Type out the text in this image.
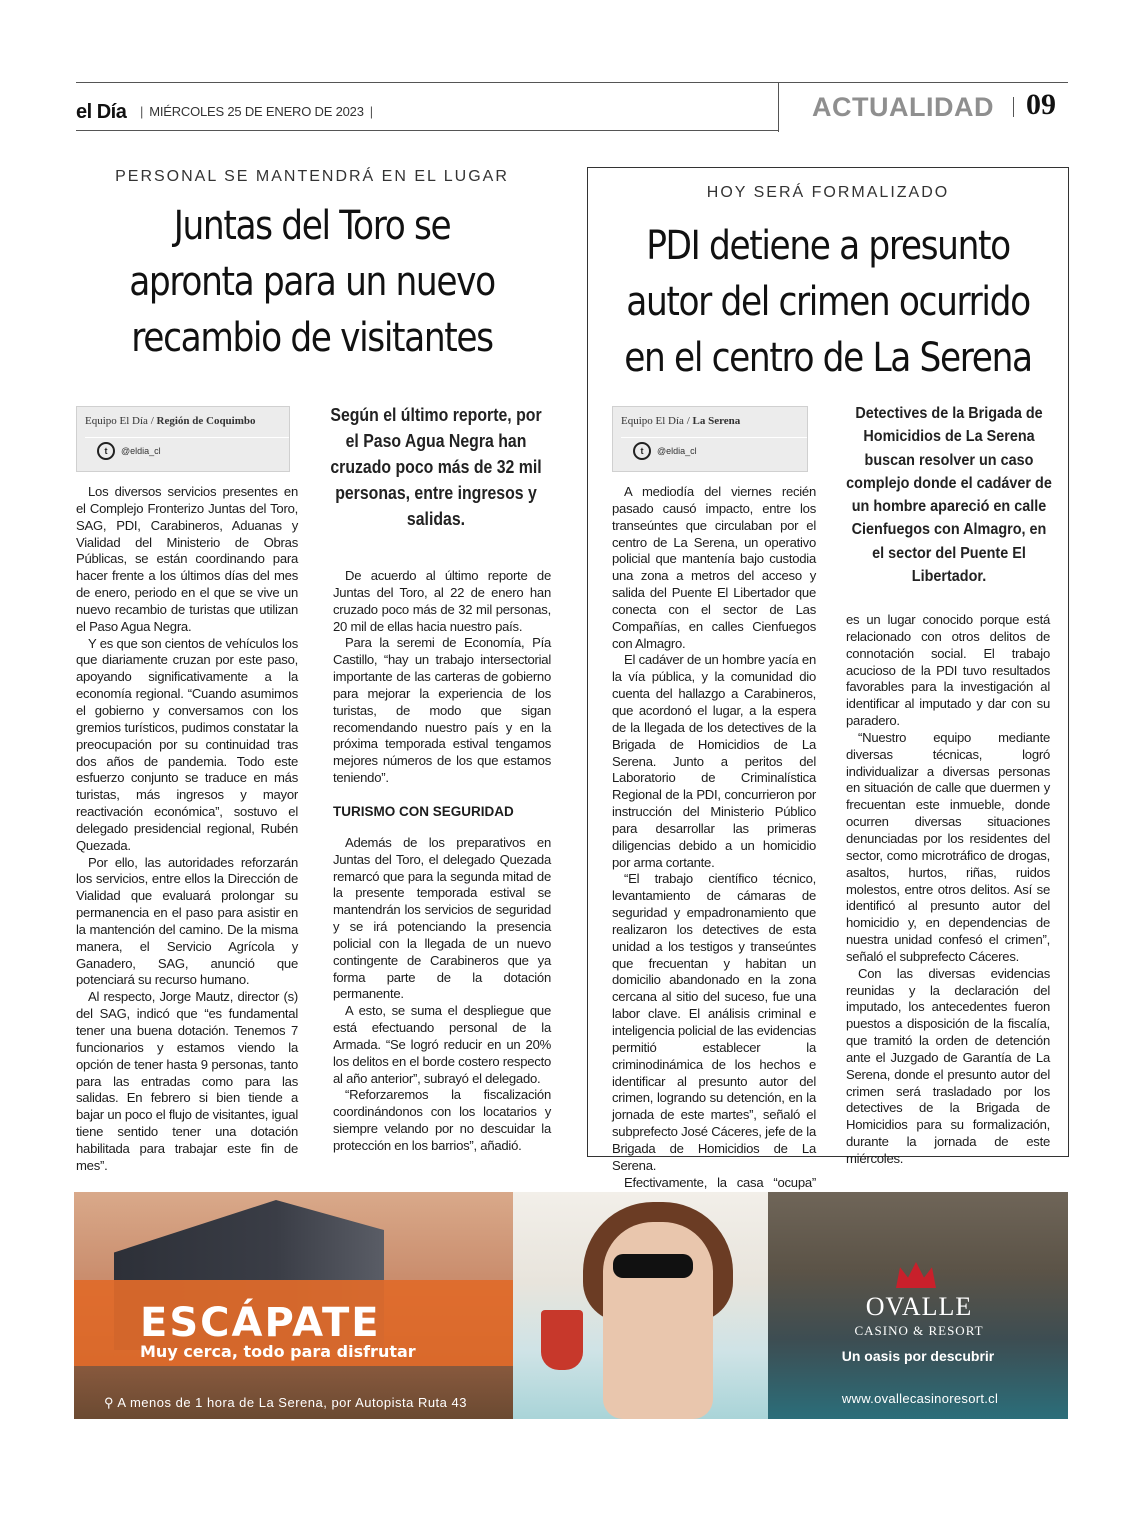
el Día	| MIÉRCOLES 25 DE ENERO DE 2023 |	ACTUALIDAD 09
PERSONAL SE MANTENDRÁ EN EL LUGAR
Juntas del Toro se
apronta para un nuevo
recambio de visitantes
Equipo El Día / Región de Coquimbo
t	@eldia_cl
Según el último reporte, por el Paso Agua Negra han cruzado poco más de 32 mil personas, entre ingresos y salidas.

Los diversos servicios presentes en el Complejo Fronterizo Juntas del Toro, SAG, PDI, Carabineros, Aduanas y Vialidad del Ministerio de Obras Públicas, se están coordinando para hacer frente a los últimos días del mes de enero, periodo en el que se vive un nuevo recambio de turistas que utilizan el Paso Agua Negra.

Y es que son cientos de vehículos los que diariamente cruzan por este paso, apoyando significativamente a la economía regional. “Cuando asumimos el gobierno y conversamos con los gremios turísticos, pudimos constatar la preocupación por su continuidad tras dos años de pandemia. Todo este esfuerzo conjunto se traduce en más turistas, más ingresos y mayor reactivación económica”, sostuvo el delegado presidencial regional, Rubén Quezada.

Por ello, las autoridades reforzarán los servicios, entre ellos la Dirección de Vialidad que evaluará prolongar su permanencia en el paso para asistir en la mantención del camino. De la misma manera, el Servicio Agrícola y Ganadero, SAG, anunció que potenciará su recurso humano.

Al respecto, Jorge Mautz, director (s) del SAG, indicó que “es fundamental tener una buena dotación. Tenemos 7 funcionarios y estamos viendo la opción de tener hasta 9 personas, tanto para las entradas como para las salidas. En febrero si bien tiende a bajar un poco el flujo de visitantes, igual tiene sentido tener una dotación habilitada para trabajar este fin de mes”.

De acuerdo al último reporte de Juntas del Toro, al 22 de enero han cruzado poco más de 32 mil personas, 20 mil de ellas hacia nuestro país.

Para la seremi de Economía, Pía Castillo, “hay un trabajo intersectorial importante de las carteras de gobierno para mejorar la experiencia de los turistas, de modo que sigan recomendando nuestro país y en la próxima temporada estival tengamos mejores números de los que estamos teniendo”.

TURISMO CON SEGURIDAD

Además de los preparativos en Juntas del Toro, el delegado Quezada remarcó que para la segunda mitad de la presente temporada estival se mantendrán los servicios de seguridad y se irá potenciando la presencia policial con la llegada de un nuevo contingente de Carabineros que ya forma parte de la dotación permanente.

A esto, se suma el despliegue que está efectuando personal de la Armada. “Se logró reducir en un 20% los delitos en el borde costero respecto al año anterior”, subrayó el delegado.

“Reforzaremos la fiscalización coordinándonos con los locatarios y siempre velando por no descuidar la protección en los barrios”, añadió.

HOY SERÁ FORMALIZADO
PDI detiene a presunto
autor del crimen ocurrido
en el centro de La Serena
Equipo El Día / La Serena
t	@eldia_cl
Detectives de la Brigada de Homicidios de La Serena buscan resolver un caso complejo donde el cadáver de un hombre apareció en calle Cienfuegos con Almagro, en el sector del Puente El Libertador.

A mediodía del viernes recién pasado causó impacto, entre los transeúntes que circulaban por el centro de La Serena, un operativo policial que mantenía bajo custodia una zona a metros del acceso y salida del Puente El Libertador que conecta con el sector de Las Compañías, en calles Cienfuegos con Almagro.

El cadáver de un hombre yacía en la vía pública, y la comunidad dio cuenta del hallazgo a Carabineros, que acordonó el lugar, a la espera de la llegada de los detectives de la Brigada de Homicidios de La Serena. Junto a peritos del Laboratorio de Criminalística Regional de la PDI, concurrieron por instrucción del Ministerio Público para desarrollar las primeras diligencias debido a un homicidio por arma cortante.

“El trabajo científico técnico, levantamiento de cámaras de seguridad y empadronamiento que realizaron los detectives de esta unidad a los testigos y transeúntes que frecuentan y habitan un domicilio abandonado en la zona cercana al sitio del suceso, fue una labor clave. El análisis criminal e inteligencia policial de las evidencias permitió establecer la criminodinámica de los hechos e identificar al presunto autor del crimen, logrando su detención, en la jornada de este martes”, señaló el subprefecto José Cáceres, jefe de la Brigada de Homicidios de La Serena.

Efectivamente, la casa “ocupa”

es un lugar conocido porque está relacionado con otros delitos de connotación social. El trabajo acucioso de la PDI tuvo resultados favorables para la investigación al identificar al imputado y dar con su paradero.

“Nuestro equipo mediante diversas técnicas, logró individualizar a diversas personas en situación de calle que duermen y frecuentan este inmueble, donde ocurren diversas situaciones denunciadas por los residentes del sector, como microtráfico de drogas, asaltos, hurtos, riñas, ruidos molestos, entre otros delitos. Así se identificó al presunto autor del homicidio y, en dependencias de nuestra unidad confesó el crimen”, señaló el subprefecto Cáceres.

Con las diversas evidencias reunidas y la declaración del imputado, los antecedentes fueron puestos a disposición de la fiscalía, que tramitó la orden de detención ante el Juzgado de Garantía de La Serena, donde el presunto autor del crimen será trasladado por los detectives de la Brigada de Homicidios para su formalización, durante la jornada de este miércoles.

ESCÁPATE
Muy cerca, todo para disfrutar
⚲ A menos de 1 hora de La Serena, por Autopista Ruta 43
OVALLE
CASINO & RESORT
Un oasis por descubrir
www.ovallecasinoresort.cl
